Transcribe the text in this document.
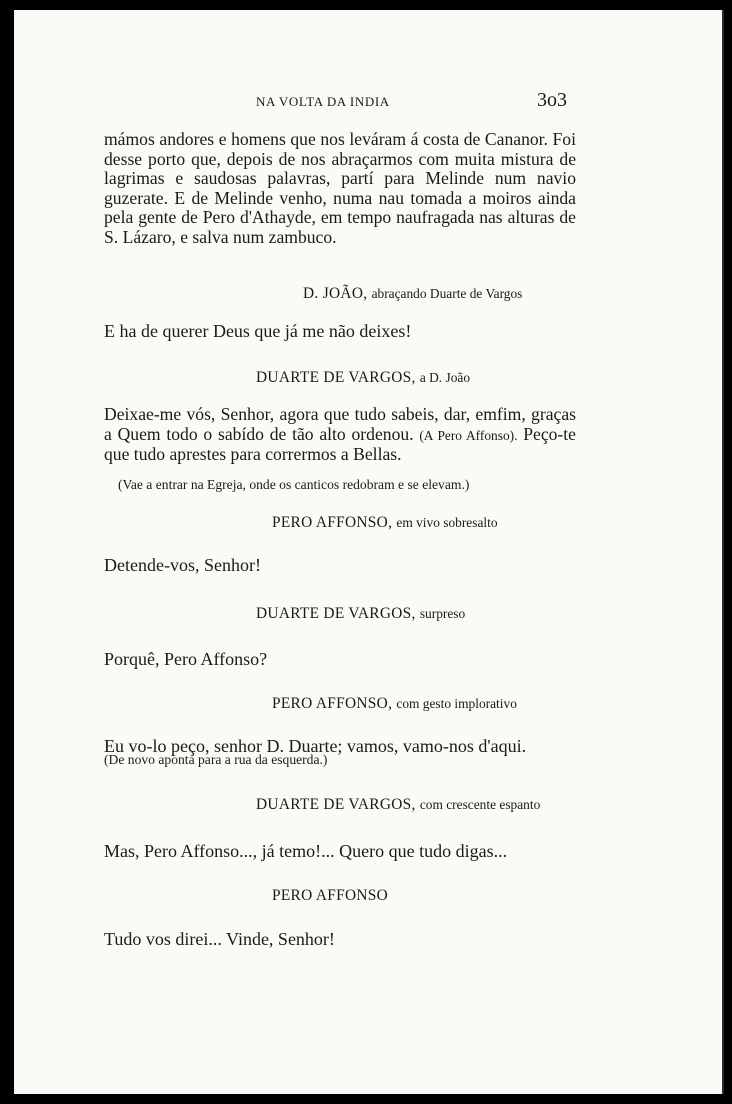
NA VOLTA DA INDIA	3o3
mámos andores e homens que nos leváram á costa de Cananor. Foi desse porto que, depois de nos abraçarmos com muita mistura de lagrimas e saudosas palavras, partí para Melinde num navio guzerate. E de Melinde venho, numa nau tomada a moiros ainda pela gente de Pero d'Athayde, em tempo naufragada nas alturas de S. Lázaro, e salva num zambuco.
D. JOÃO, abraçando Duarte de Vargos
E ha de querer Deus que já me não deixes!
DUARTE DE VARGOS, a D. João
Deixae-me vós, Senhor, agora que tudo sabeis, dar, emfim, graças a Quem todo o sabído de tão alto ordenou. (A Pero Affonso). Peço-te que tudo aprestes para corrermos a Bellas.
(Vae a entrar na Egreja, onde os canticos redobram e se elevam.)
PERO AFFONSO, em vivo sobresalto
Detende-vos, Senhor!
DUARTE DE VARGOS, surpreso
Porquê, Pero Affonso?
PERO AFFONSO, com gesto implorativo
Eu vo-lo peço, senhor D. Duarte; vamos, vamo-nos d'aqui.
(De novo aponta para a rua da esquerda.)
DUARTE DE VARGOS, com crescente espanto
Mas, Pero Affonso..., já temo!... Quero que tudo digas...
PERO AFFONSO
Tudo vos direi... Vinde, Senhor!
